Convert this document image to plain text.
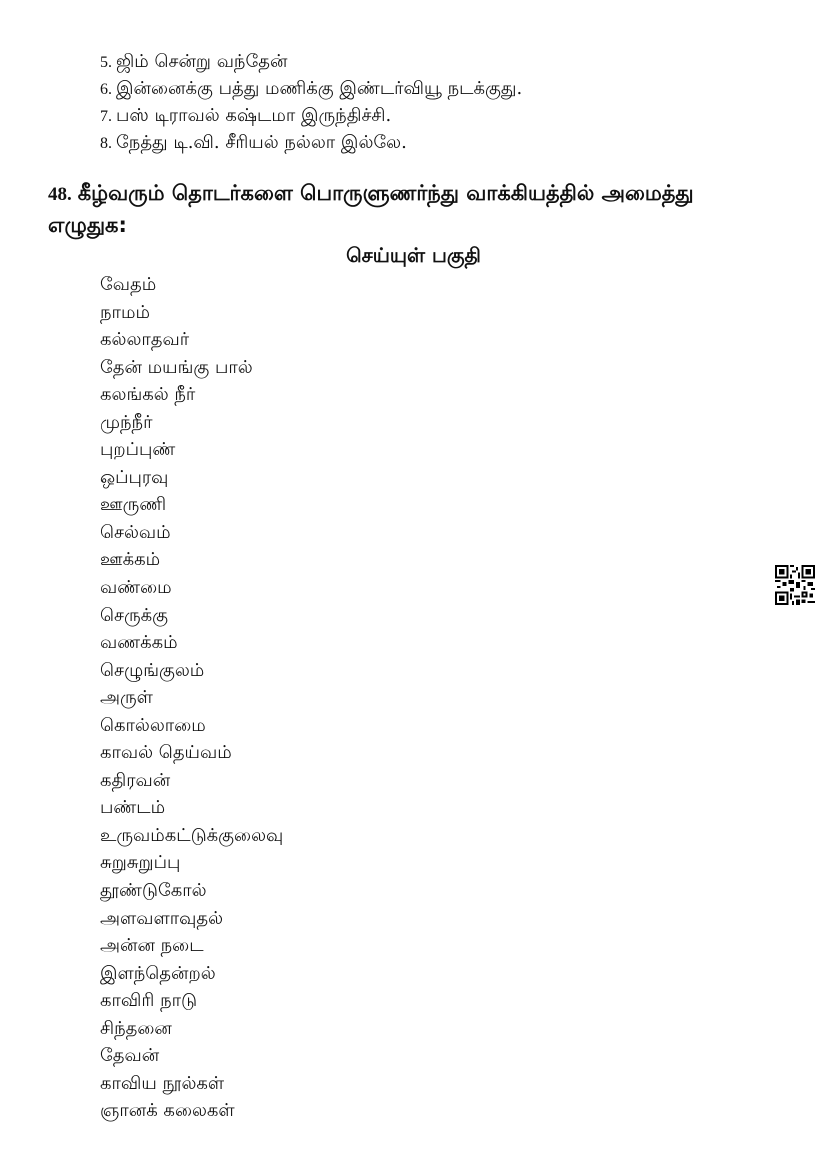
5. ஜிம் சென்று வந்தேன்
6. இன்னைக்கு பத்து மணிக்கு இண்டர்வியூ நடக்குது.
7. பஸ் டிராவல் கஷ்டமா இருந்திச்சி.
8. நேத்து டி.வி. சீரியல் நல்லா இல்லே.

48. கீழ்வரும் தொடர்களை பொருளுணர்ந்து வாக்கியத்தில் அமைத்து எழுதுக:

செய்யுள் பகுதி
வேதம்
நாமம்
கல்லாதவர்
தேன் மயங்கு பால்
கலங்கல் நீர்
முந்நீர்
புறப்புண்
ஒப்புரவு
ஊருணி
செல்வம்
ஊக்கம்
வண்மை
செருக்கு
வணக்கம்
செழுங்குலம்
அருள்
கொல்லாமை
காவல் தெய்வம்
கதிரவன்
பண்டம்
உருவம்கட்டுக்குலைவு
சுறுசுறுப்பு
தூண்டுகோல்
அளவளாவுதல்
அன்ன நடை
இளந்தென்றல்
காவிரி நாடு
சிந்தனை
தேவன்
காவிய நூல்கள்
ஞானக் கலைகள்
